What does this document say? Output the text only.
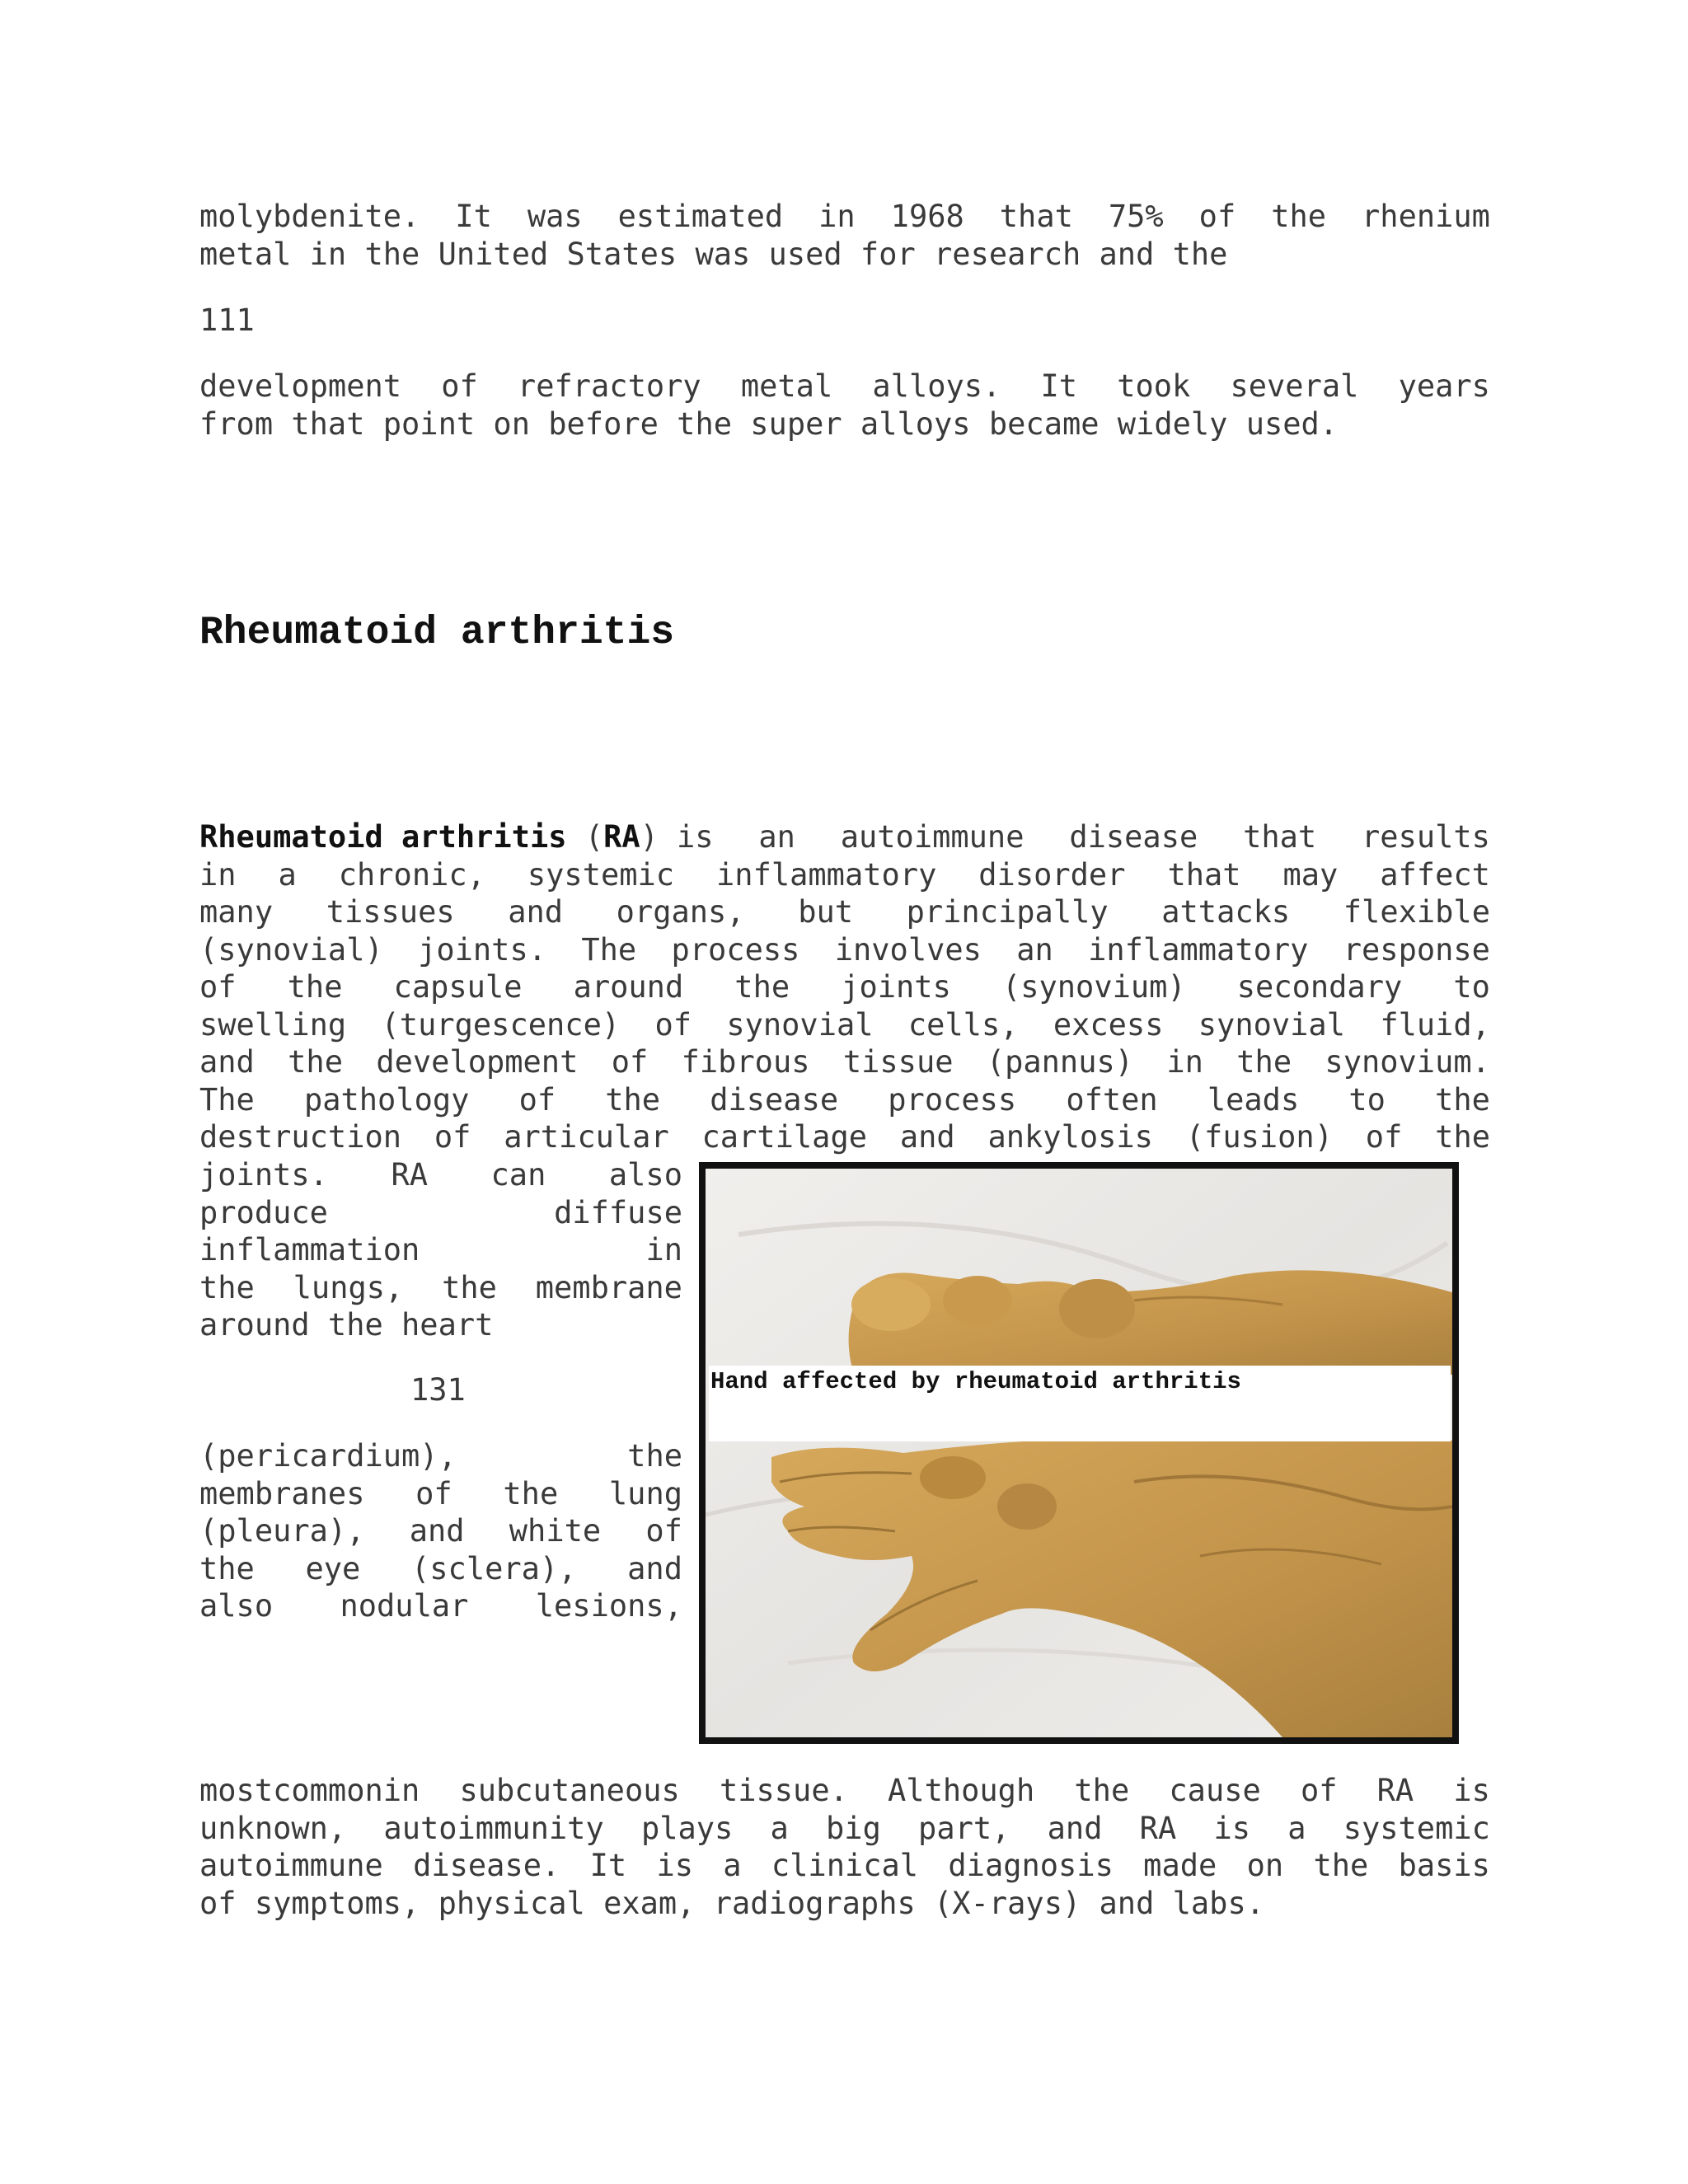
molybdenite. It was estimated in 1968 that 75% of the rhenium
metal in the United States was used for research and the
111
development of refractory metal alloys. It took several years
from that point on before the super alloys became widely used.
Rheumatoid arthritis
Rheumatoid arthritis (RA) is an autoimmune disease that results
in a chronic, systemic inflammatory disorder that may affect
many tissues and organs, but principally attacks flexible
(synovial) joints. The process involves an inflammatory response
of the capsule around the joints (synovium) secondary to
swelling (turgescence) of synovial cells, excess synovial fluid,
and the development of fibrous tissue (pannus) in the synovium.
The pathology of the disease process often leads to the
destruction of articular cartilage and ankylosis (fusion) of the
joints. RA can also
produce	diffuse
inflammation	in
the lungs, the membrane
around the heart
131
(pericardium),	the
membranes of the lung
(pleura), and white of
the eye (sclera), and
also nodular lesions,
Hand affected by rheumatoid arthritis
mostcommonin subcutaneous tissue. Although the cause of RA is
unknown, autoimmunity plays a big part, and RA is a systemic
autoimmune disease. It is a clinical diagnosis made on the basis
of symptoms, physical exam, radiographs (X-rays) and labs.
